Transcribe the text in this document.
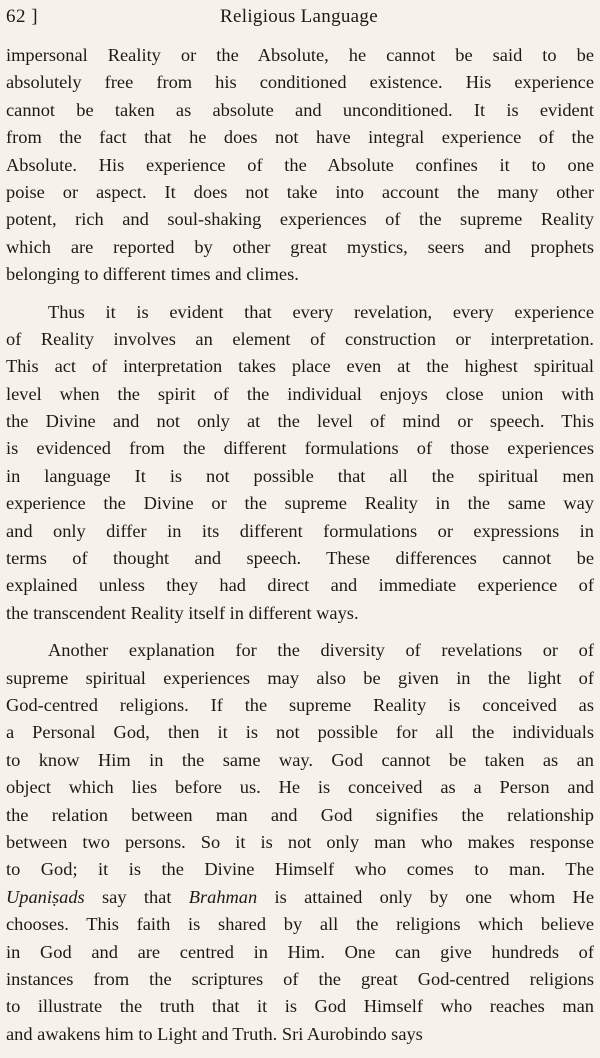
62 ]	Religious Language
impersonal Reality or the Absolute, he cannot be said to be
absolutely free from his conditioned existence. His experience
cannot be taken as absolute and unconditioned. It is evident
from the fact that he does not have integral experience of the
Absolute. His experience of the Absolute confines it to one
poise or aspect. It does not take into account the many other
potent, rich and soul-shaking experiences of the supreme Reality
which are reported by other great mystics, seers and prophets
belonging to different times and climes.
Thus it is evident that every revelation, every experience
of Reality involves an element of construction or interpretation.
This act of interpretation takes place even at the highest spiritual
level when the spirit of the individual enjoys close union with
the Divine and not only at the level of mind or speech. This
is evidenced from the different formulations of those experiences
in language It is not possible that all the spiritual men
experience the Divine or the supreme Reality in the same way
and only differ in its different formulations or expressions in
terms of thought and speech. These differences cannot be
explained unless they had direct and immediate experience of
the transcendent Reality itself in different ways.
Another explanation for the diversity of revelations or of
supreme spiritual experiences may also be given in the light of
God-centred religions. If the supreme Reality is conceived as
a Personal God, then it is not possible for all the individuals
to know Him in the same way. God cannot be taken as an
object which lies before us. He is conceived as a Person and
the relation between man and God signifies the relationship
between two persons. So it is not only man who makes response
to God; it is the Divine Himself who comes to man. The
Upaniṣads say that Brahman is attained only by one whom He
chooses. This faith is shared by all the religions which believe
in God and are centred in Him. One can give hundreds of
instances from the scriptures of the great God-centred religions
to illustrate the truth that it is God Himself who reaches man
and awakens him to Light and Truth. Sri Aurobindo says
